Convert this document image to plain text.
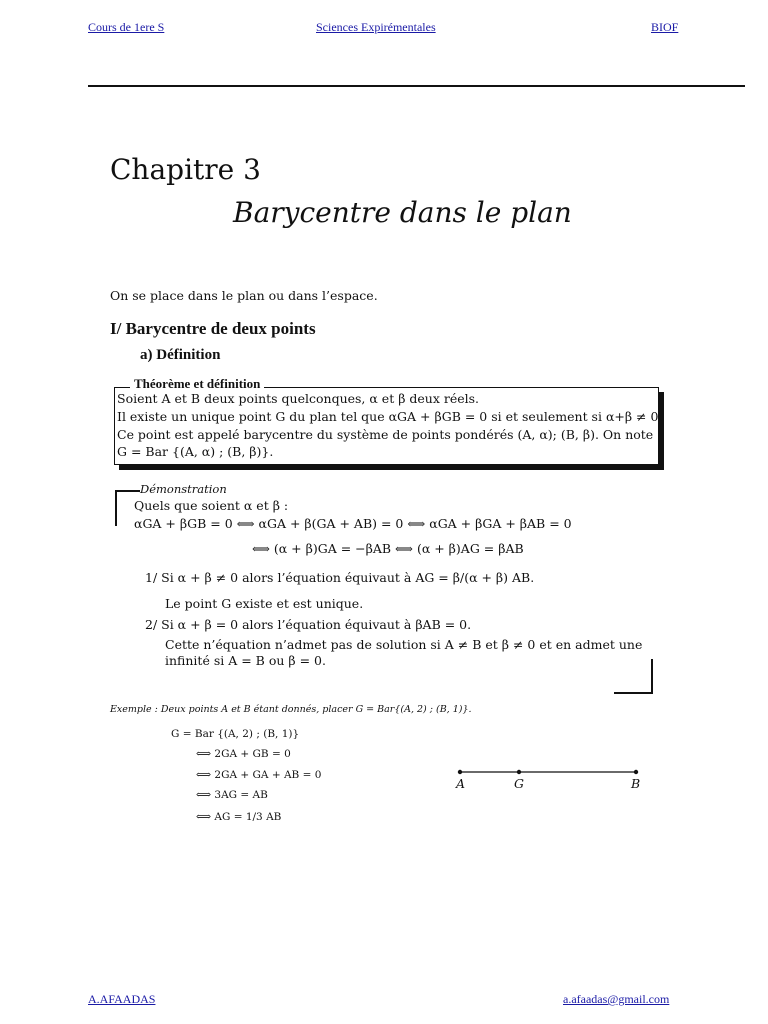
Cours de 1ere S	Sciences Expirémentales	BIOF
Chapitre 3
Barycentre dans le plan
On se place dans le plan ou dans l’espace.
I/ Barycentre de deux points
a) Définition
Théorème et définition
Soient A et B deux points quelconques, α et β deux réels.
Il existe un unique point G du plan tel que αGA + βGB = 0 si et seulement si α+β ≠ 0.
Ce point est appelé barycentre du système de points pondérés (A, α); (B, β). On note
G = Bar {(A, α) ; (B, β)}.
Démonstration
Quels que soient α et β :
αGA + βGB = 0 ⟺ αGA + β(GA + AB) = 0 ⟺ αGA + βGA + βAB = 0
⟺ (α + β)GA = −βAB ⟺ (α + β)AG = βAB
1/ Si α + β ≠ 0 alors l’équation équivaut à AG = β/(α + β) AB.
Le point G existe et est unique.
2/ Si α + β = 0 alors l’équation équivaut à βAB = 0.
Cette n’équation n’admet pas de solution si A ≠ B et β ≠ 0 et en admet une
infinité si A = B ou β = 0.
Exemple : Deux points A et B étant donnés, placer G = Bar{(A, 2) ; (B, 1)}.
G = Bar {(A, 2) ; (B, 1)}
⟺ 2GA + GB = 0
⟺ 2GA + GA + AB = 0
⟺ 3AG = AB
⟺ AG = 1/3 AB
A	G	B
A.AFAADAS	a.afaadas@gmail.com
